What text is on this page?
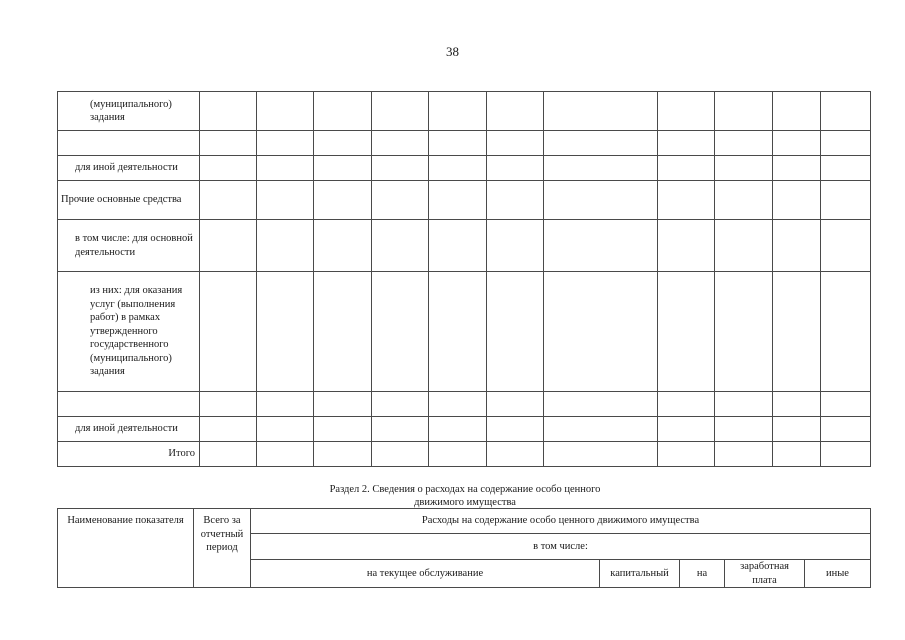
38
(муниципального) задания											

для иной деятельности											
Прочие основные средства											
в том числе: для основной деятельности											
из них: для оказания услуг (выполнения работ) в рамках утвержденного государственного (муниципального) задания											

для иной деятельности											
Итого											
Раздел 2. Сведения о расходах на содержание особо ценного
движимого имущества
Наименование показателя	Всего за отчетный период	Расходы на содержание особо ценного движимого имущества				
		в том числе:				
		на текущее обслуживание	капитальный	на	заработная плата	иные
